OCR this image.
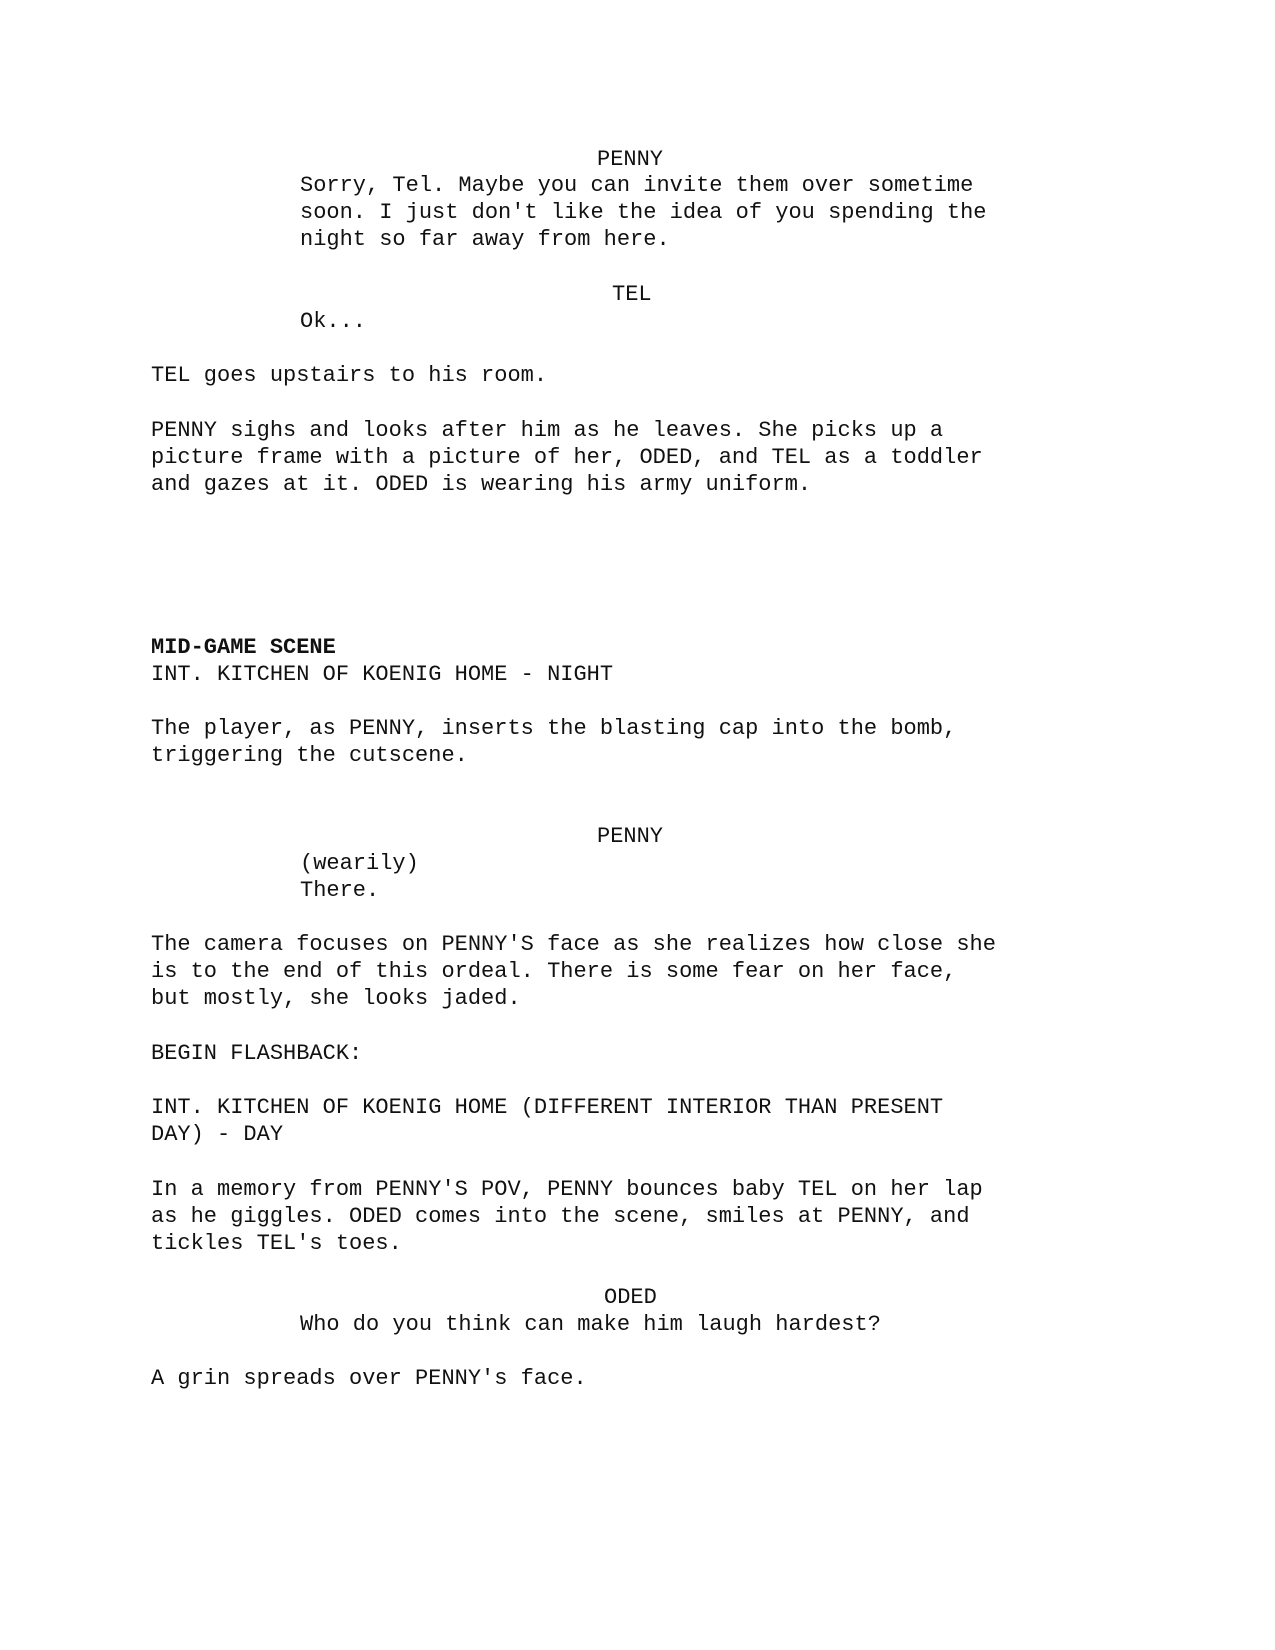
PENNY
Sorry, Tel. Maybe you can invite them over sometime
soon. I just don't like the idea of you spending the
night so far away from here.
TEL
Ok...
TEL goes upstairs to his room.
PENNY sighs and looks after him as he leaves. She picks up a
picture frame with a picture of her, ODED, and TEL as a toddler
and gazes at it. ODED is wearing his army uniform.
MID-GAME SCENE
INT. KITCHEN OF KOENIG HOME - NIGHT
The player, as PENNY, inserts the blasting cap into the bomb,
triggering the cutscene.
PENNY
(wearily)
There.
The camera focuses on PENNY'S face as she realizes how close she
is to the end of this ordeal. There is some fear on her face,
but mostly, she looks jaded.
BEGIN FLASHBACK:
INT. KITCHEN OF KOENIG HOME (DIFFERENT INTERIOR THAN PRESENT
DAY) - DAY
In a memory from PENNY'S POV, PENNY bounces baby TEL on her lap
as he giggles. ODED comes into the scene, smiles at PENNY, and
tickles TEL's toes.
ODED
Who do you think can make him laugh hardest?
A grin spreads over PENNY's face.
